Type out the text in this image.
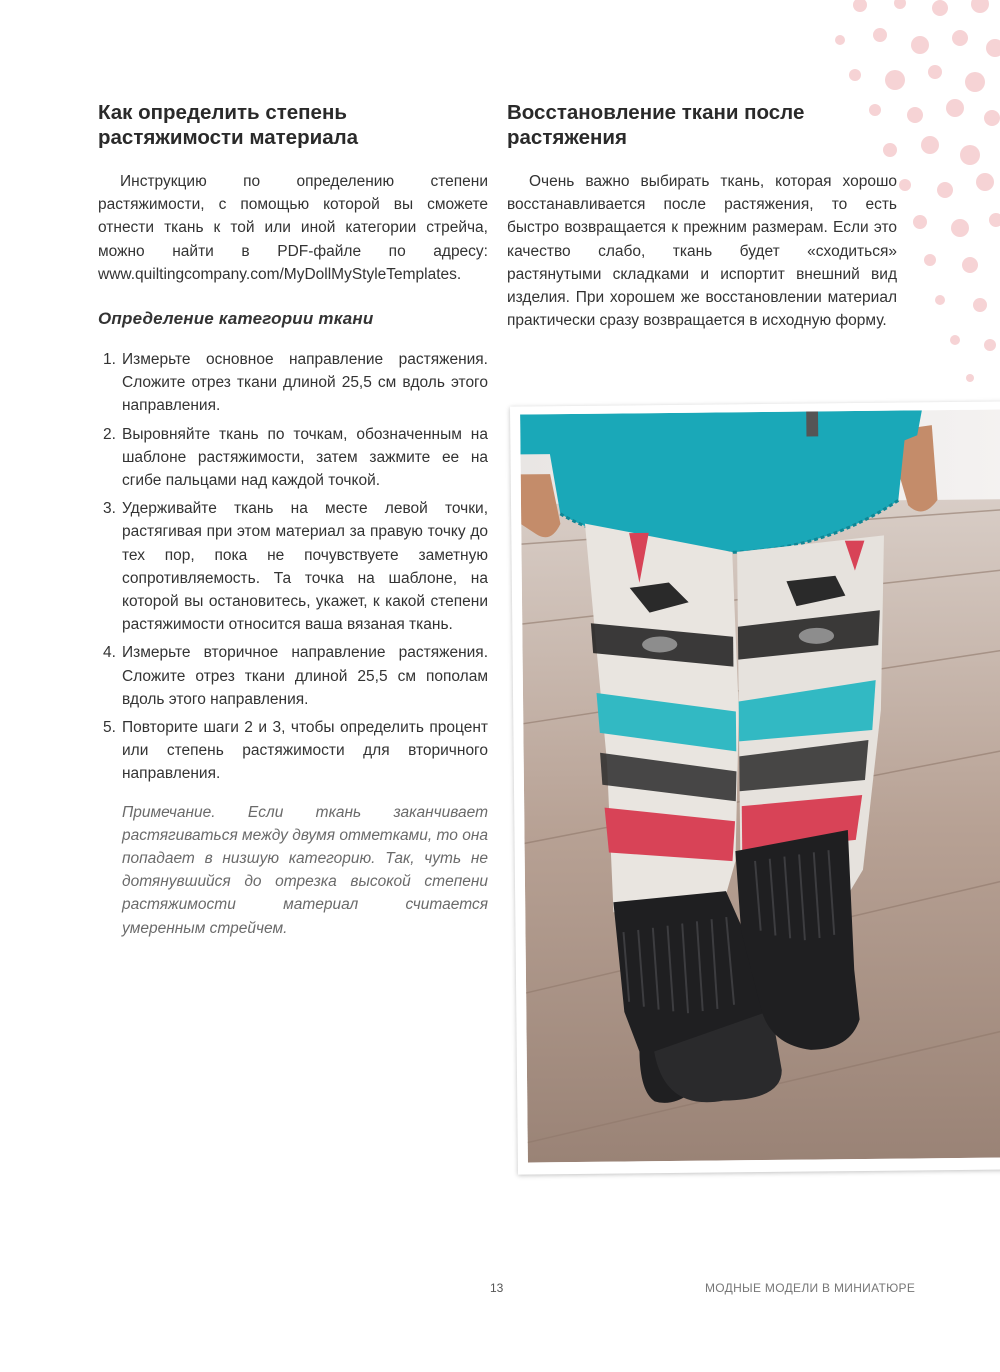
Как определить степень растяжимости материала

Инструкцию по определению степени растяжимости, с помощью которой вы сможете отнести ткань к той или иной категории стрейча, можно найти в PDF-файле по адресу: www.quiltingcompany.com/MyDollMyStyleTemplates.

Определение категории ткани
1. Измерьте основное направление растяжения. Сложите отрез ткани длиной 25,5 см вдоль этого направления.
2. Выровняйте ткань по точкам, обозначенным на шаблоне растяжимости, затем зажмите ее на сгибе пальцами над каждой точкой.
3. Удерживайте ткань на месте левой точки, растягивая при этом материал за правую точку до тех пор, пока не почувствуете заметную сопротивляемость. Та точка на шаблоне, на которой вы остановитесь, укажет, к какой степени растяжимости относится ваша вязаная ткань.
4. Измерьте вторичное направление растяжения. Сложите отрез ткани длиной 25,5 см пополам вдоль этого направления.
5. Повторите шаги 2 и 3, чтобы определить процент или степень растяжимости для вторичного направления.

Примечание. Если ткань заканчивает растягиваться между двумя отметками, то она попадает в низшую категорию. Так, чуть не дотянувшийся до отрезка высокой степени растяжимости материал считается умеренным стрейчем.

Восстановление ткани после растяжения

Очень важно выбирать ткань, которая хорошо восстанавливается после растяжения, то есть быстро возвращается к прежним размерам. Если это качество слабо, ткань будет «сходиться» растянутыми складками и испортит внешний вид изделия. При хорошем же восстановлении материал практически сразу возвращается в исходную форму.

13	МОДНЫЕ МОДЕЛИ В МИНИАТЮРЕ
